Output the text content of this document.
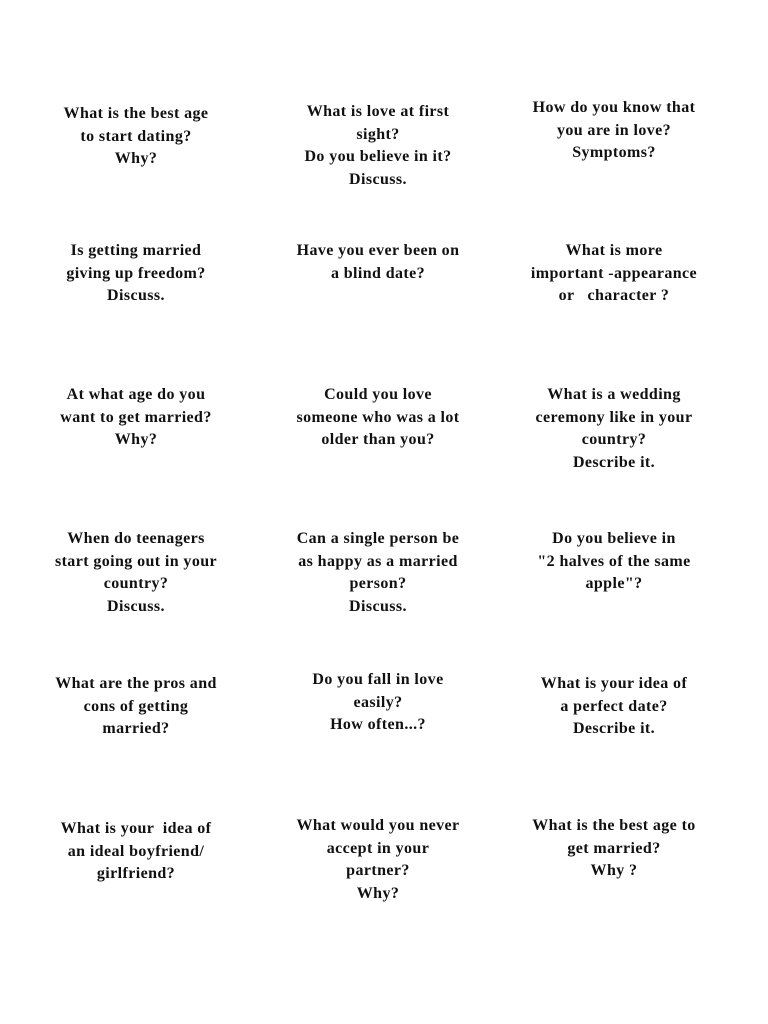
What is the best age
to start dating?
Why?
What is love at first
sight?
Do you believe in it?
Discuss.
How do you know that
you are in love?
Symptoms?
Is getting married
giving up freedom?
Discuss.
Have you ever been on
a blind date?
What is more
important -appearance
or   character ?
At what age do you
want to get married?
Why?
Could you love
someone who was a lot
older than you?
What is a wedding
ceremony like in your
country?
Describe it.
When do teenagers
start going out in your
country?
Discuss.
Can a single person be
as happy as a married
person?
Discuss.
Do you believe in
"2 halves of the same
apple"?
What are the pros and
cons of getting
married?
Do you fall in love
easily?
How often...?
What is your idea of
a perfect date?
Describe it.
What is your  idea of
an ideal boyfriend/
girlfriend?
What would you never
accept in your
partner?
Why?
What is the best age to
get married?
Why ?
